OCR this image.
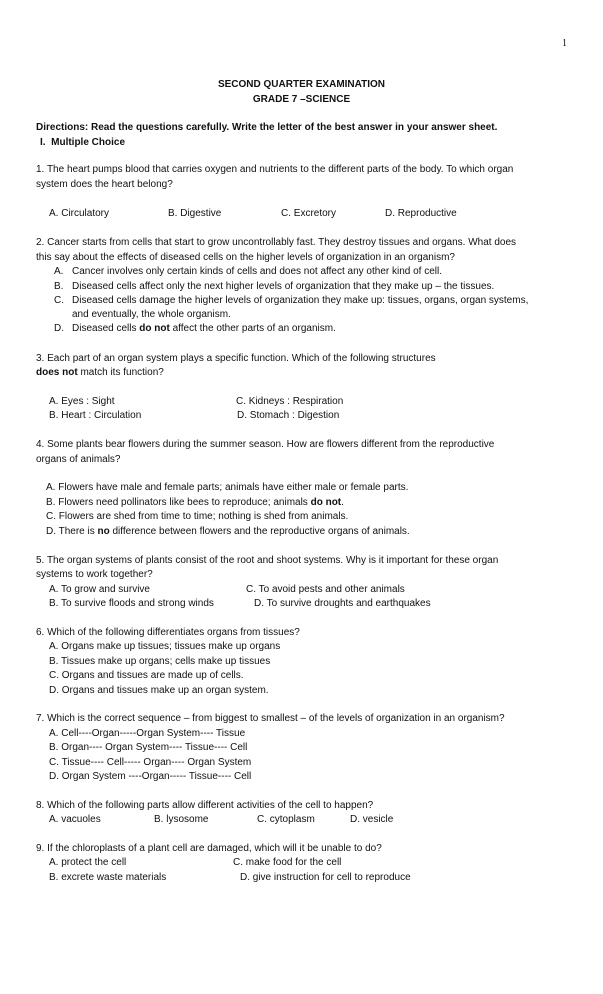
1
SECOND QUARTER EXAMINATION
GRADE 7 –SCIENCE
Directions: Read the questions carefully. Write the letter of the best answer in your answer sheet.
I. Multiple Choice
1. The heart pumps blood that carries oxygen and nutrients to the different parts of the body. To which organ
system does the heart belong?
A. Circulatory	B. Digestive	C. Excretory	D. Reproductive
2. Cancer starts from cells that start to grow uncontrollably fast. They destroy tissues and organs. What does
this say about the effects of diseased cells on the higher levels of organization in an organism?
A. Cancer involves only certain kinds of cells and does not affect any other kind of cell.
B. Diseased cells affect only the next higher levels of organization that they make up – the tissues.
C. Diseased cells damage the higher levels of organization they make up: tissues, organs, organ systems,
and eventually, the whole organism.
D. Diseased cells do not affect the other parts of an organism.
3. Each part of an organ system plays a specific function. Which of the following structures
does not match its function?
A. Eyes : Sight	C. Kidneys : Respiration
B. Heart : Circulation	D. Stomach : Digestion
4. Some plants bear flowers during the summer season. How are flowers different from the reproductive
organs of animals?
A. Flowers have male and female parts; animals have either male or female parts.
B. Flowers need pollinators like bees to reproduce; animals do not.
C. Flowers are shed from time to time; nothing is shed from animals.
D. There is no difference between flowers and the reproductive organs of animals.
5. The organ systems of plants consist of the root and shoot systems. Why is it important for these organ
systems to work together?
A. To grow and survive	C. To avoid pests and other animals
B. To survive floods and strong winds	D. To survive droughts and earthquakes
6. Which of the following differentiates organs from tissues?
A. Organs make up tissues; tissues make up organs
B. Tissues make up organs; cells make up tissues
C. Organs and tissues are made up of cells.
D. Organs and tissues make up an organ system.
7. Which is the correct sequence – from biggest to smallest – of the levels of organization in an organism?
A. Cell----Organ-----Organ System---- Tissue
B. Organ---- Organ System---- Tissue---- Cell
C. Tissue---- Cell----- Organ---- Organ System
D. Organ System ----Organ----- Tissue---- Cell
8. Which of the following parts allow different activities of the cell to happen?
A. vacuoles	B. lysosome	C. cytoplasm	D. vesicle
9. If the chloroplasts of a plant cell are damaged, which will it be unable to do?
A. protect the cell	C. make food for the cell
B. excrete waste materials	D. give instruction for cell to reproduce
